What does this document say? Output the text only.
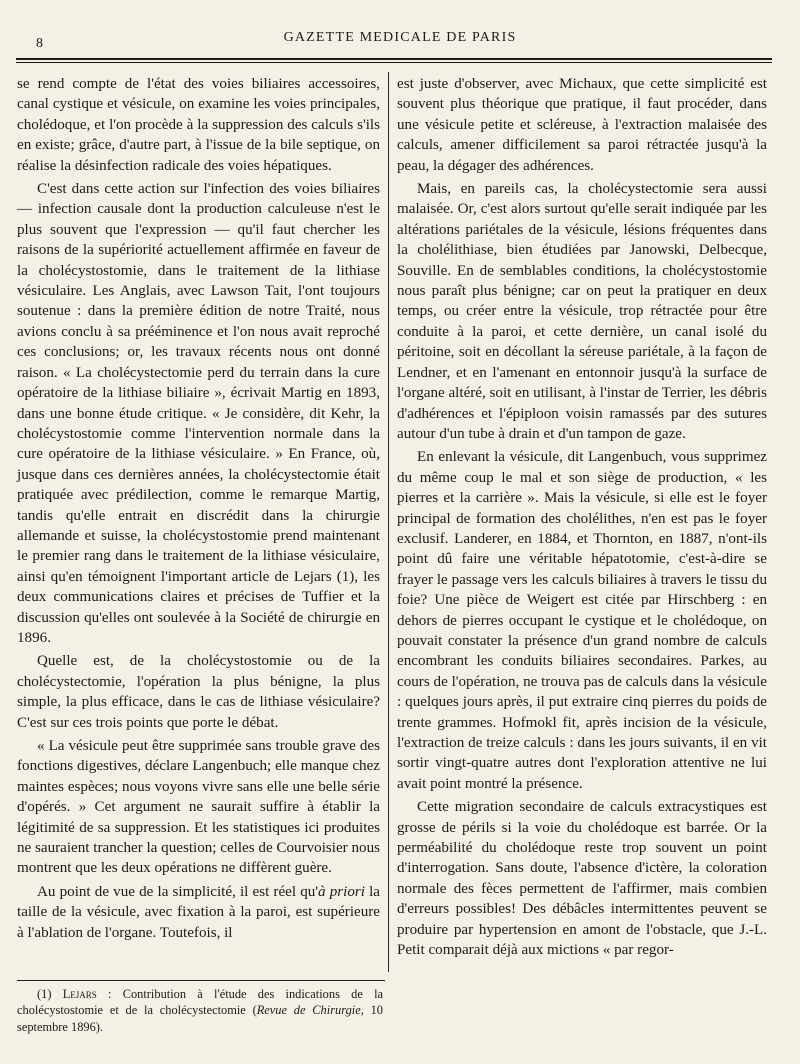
8	GAZETTE MEDICALE DE PARIS

se rend compte de l'état des voies biliaires accessoires, canal cystique et vésicule, on examine les voies principales, cholédoque, et l'on procède à la suppression des calculs s'ils en existe; grâce, d'autre part, à l'issue de la bile septique, on réalise la désinfection radicale des voies hépatiques.

C'est dans cette action sur l'infection des voies biliaires — infection causale dont la production calculeuse n'est le plus souvent que l'expression — qu'il faut chercher les raisons de la supériorité actuellement affirmée en faveur de la cholécystostomie, dans le traitement de la lithiase vésiculaire. Les Anglais, avec Lawson Tait, l'ont toujours soutenue : dans la première édition de notre Traité, nous avions conclu à sa prééminence et l'on nous avait reproché ces conclusions; or, les travaux récents nous ont donné raison. « La cholécystectomie perd du terrain dans la cure opératoire de la lithiase biliaire », écrivait Martig en 1893, dans une bonne étude critique. « Je considère, dit Kehr, la cholécystostomie comme l'intervention normale dans la cure opératoire de la lithiase vésiculaire. » En France, où, jusque dans ces dernières années, la cholécystectomie était pratiquée avec prédilection, comme le remarque Martig, tandis qu'elle entrait en discrédit dans la chirurgie allemande et suisse, la cholécystostomie prend maintenant le premier rang dans le traitement de la lithiase vésiculaire, ainsi qu'en témoignent l'important article de Lejars (1), les deux communications claires et précises de Tuffier et la discussion qu'elles ont soulevée à la Société de chirurgie en 1896.

Quelle est, de la cholécystostomie ou de la cholécystectomie, l'opération la plus bénigne, la plus simple, la plus efficace, dans le cas de lithiase vésiculaire? C'est sur ces trois points que porte le débat.

« La vésicule peut être supprimée sans trouble grave des fonctions digestives, déclare Langenbuch; elle manque chez maintes espèces; nous voyons vivre sans elle une belle série d'opérés. » Cet argument ne saurait suffire à établir la légitimité de sa suppression. Et les statistiques ici produites ne sauraient trancher la question; celles de Courvoisier nous montrent que les deux opérations ne diffèrent guère.

Au point de vue de la simplicité, il est réel qu'à priori la taille de la vésicule, avec fixation à la paroi, est supérieure à l'ablation de l'organe. Toutefois, il

est juste d'observer, avec Michaux, que cette simplicité est souvent plus théorique que pratique, il faut procéder, dans une vésicule petite et scléreuse, à l'extraction malaisée des calculs, amener difficilement sa paroi rétractée jusqu'à la peau, la dégager des adhérences.

Mais, en pareils cas, la cholécystectomie sera aussi malaisée. Or, c'est alors surtout qu'elle serait indiquée par les altérations pariétales de la vésicule, lésions fréquentes dans la cholélithiase, bien étudiées par Janowski, Delbecque, Souville. En de semblables conditions, la cholécystostomie nous paraît plus bénigne; car on peut la pratiquer en deux temps, ou créer entre la vésicule, trop rétractée pour être conduite à la paroi, et cette dernière, un canal isolé du péritoine, soit en décollant la séreuse pariétale, à la façon de Lendner, et en l'amenant en entonnoir jusqu'à la surface de l'organe altéré, soit en utilisant, à l'instar de Terrier, les débris d'adhérences et l'épiploon voisin ramassés par des sutures autour d'un tube à drain et d'un tampon de gaze.

En enlevant la vésicule, dit Langenbuch, vous supprimez du même coup le mal et son siège de production, « les pierres et la carrière ». Mais la vésicule, si elle est le foyer principal de formation des cholélithes, n'en est pas le foyer exclusif. Landerer, en 1884, et Thornton, en 1887, n'ont-ils point dû faire une véritable hépatotomie, c'est-à-dire se frayer le passage vers les calculs biliaires à travers le tissu du foie? Une pièce de Weigert est citée par Hirschberg : en dehors de pierres occupant le cystique et le cholédoque, on pouvait constater la présence d'un grand nombre de calculs encombrant les conduits biliaires secondaires. Parkes, au cours de l'opération, ne trouva pas de calculs dans la vésicule : quelques jours après, il put extraire cinq pierres du poids de trente grammes. Hofmokl fit, après incision de la vésicule, l'extraction de treize calculs : dans les jours suivants, il en vit sortir vingt-quatre autres dont l'exploration attentive ne lui avait point montré la présence.

Cette migration secondaire de calculs extracystiques est grosse de périls si la voie du cholédoque est barrée. Or la perméabilité du cholédoque reste trop souvent un point d'interrogation. Sans doute, l'absence d'ictère, la coloration normale des fèces permettent de l'affirmer, mais combien d'erreurs possibles! Des débâcles intermittentes peuvent se produire par hypertension en amont de l'obstacle, que J.-L. Petit comparait déjà aux mictions « par regor-

(1) Lejars : Contribution à l'étude des indications de la cholécystostomie et de la cholécystectomie (Revue de Chirurgie, 10 septembre 1896).
